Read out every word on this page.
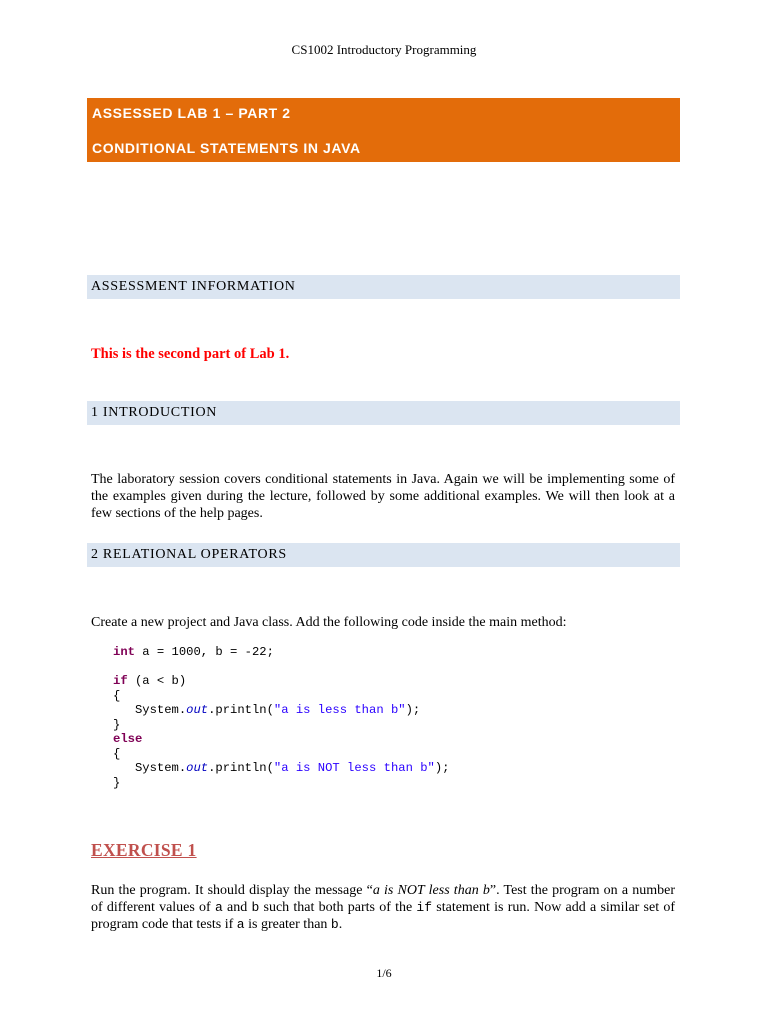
CS1002 Introductory Programming
ASSESSED LAB 1 – PART 2
CONDITIONAL STATEMENTS IN JAVA
ASSESSMENT INFORMATION
This is the second part of Lab 1.
1 INTRODUCTION
The laboratory session covers conditional statements in Java. Again we will be implementing some of the examples given during the lecture, followed by some additional examples. We will then look at a few sections of the help pages.
2 RELATIONAL OPERATORS
Create a new project and Java class. Add the following code inside the main method:
int a = 1000, b = -22;
if (a < b)
{
System.out.println("a is less than b");
}
else
{
System.out.println("a is NOT less than b");
}
EXERCISE 1
Run the program. It should display the message “a is NOT less than b”. Test the program on a number of different values of a and b such that both parts of the if statement is run. Now add a similar set of program code that tests if a is greater than b.
1/6
